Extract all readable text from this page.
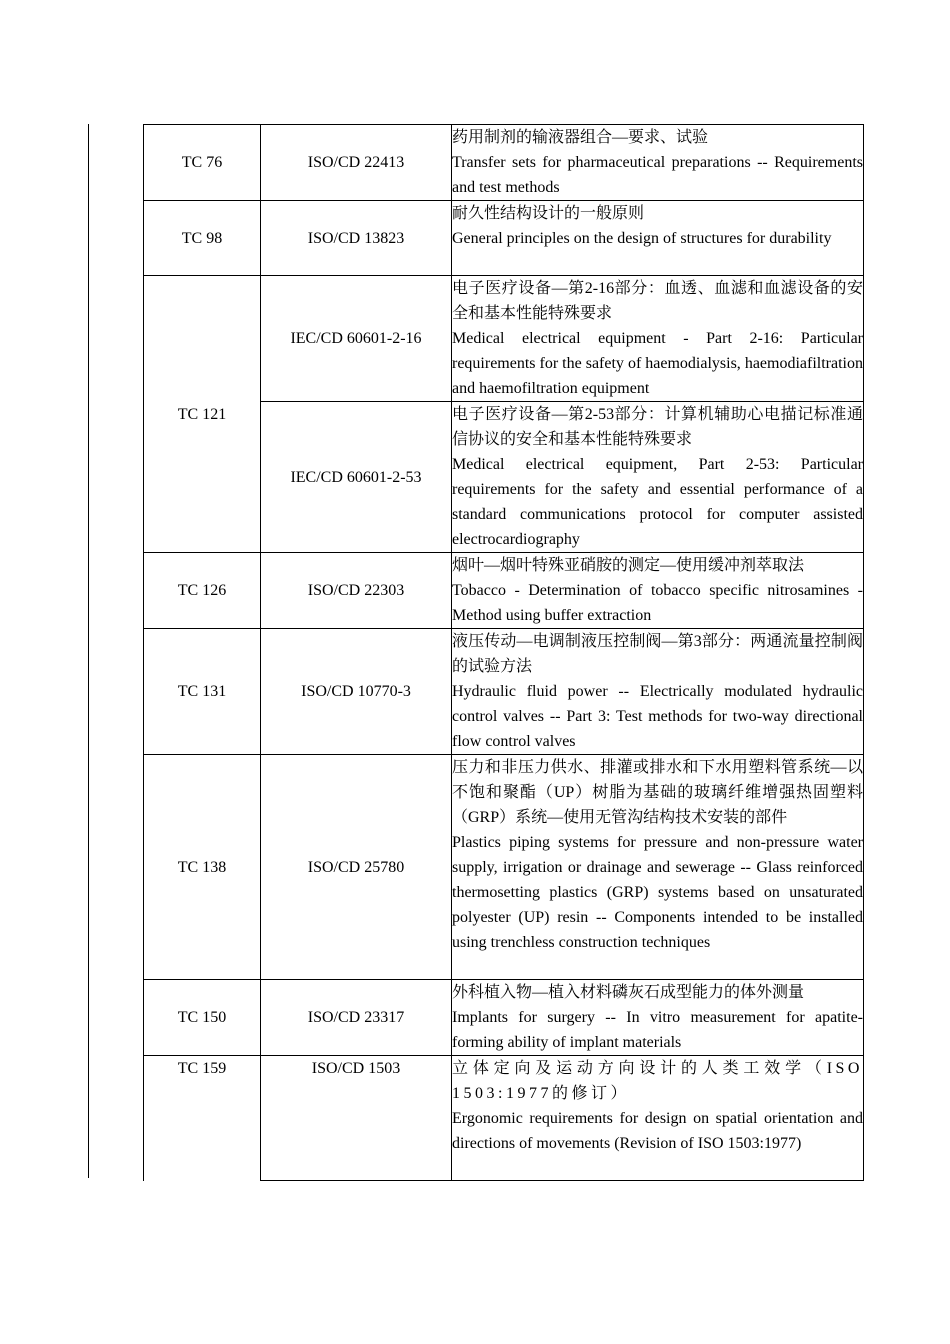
TC 76	ISO/CD 22413	药用制剂的输液器组合—要求、试验
Transfer sets for pharmaceutical preparations -- Requirements and test methods

TC 98	ISO/CD 13823	耐久性结构设计的一般原则
General principles on the design of structures for durability

TC 121	IEC/CD 60601-2-16	电子医疗设备—第2-16部分：血透、血滤和血滤设备的安全和基本性能特殊要求
Medical electrical equipment - Part 2-16: Particular requirements for the safety of haemodialysis, haemodiafiltration and haemofiltration equipment

	IEC/CD 60601-2-53	电子医疗设备—第2-53部分：计算机辅助心电描记标准通信协议的安全和基本性能特殊要求
Medical electrical equipment, Part 2-53: Particular requirements for the safety and essential performance of a standard communications protocol for computer assisted electrocardiography

TC 126	ISO/CD 22303	烟叶—烟叶特殊亚硝胺的测定—使用缓冲剂萃取法
Tobacco - Determination of tobacco specific nitrosamines - Method using buffer extraction

TC 131	ISO/CD 10770-3	液压传动—电调制液压控制阀—第3部分：两通流量控制阀的试验方法
Hydraulic fluid power -- Electrically modulated hydraulic control valves -- Part 3: Test methods for two-way directional flow control valves

TC 138	ISO/CD 25780	压力和非压力供水、排灌或排水和下水用塑料管系统—以不饱和聚酯（UP）树脂为基础的玻璃纤维增强热固塑料（GRP）系统—使用无管沟结构技术安装的部件
Plastics piping systems for pressure and non-pressure water supply, irrigation or drainage and sewerage -- Glass reinforced thermosetting plastics (GRP) systems based on unsaturated polyester (UP) resin -- Components intended to be installed using trenchless construction techniques

TC 150	ISO/CD 23317	外科植入物—植入材料磷灰石成型能力的体外测量
Implants for surgery -- In vitro measurement for apatite-forming ability of implant materials

TC 159	ISO/CD 1503	立体定向及运动方向设计的人类工效学（ISO 1503:1977的修订）
Ergonomic requirements for design on spatial orientation and directions of movements (Revision of ISO 1503:1977)
